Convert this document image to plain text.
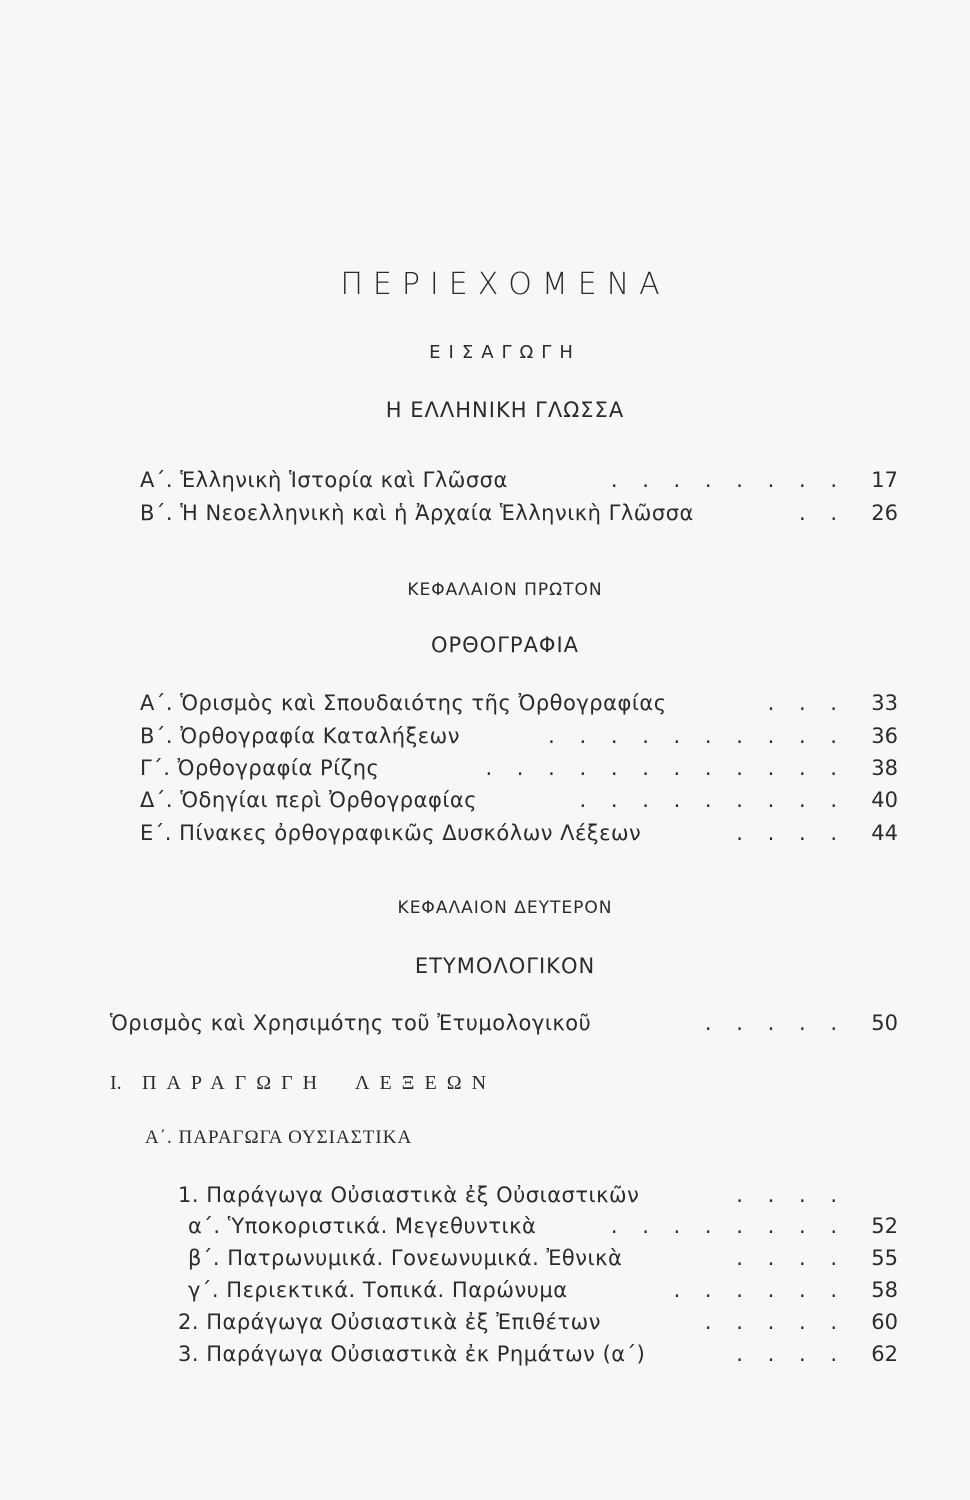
ΠΕΡΙΕΧΟΜΕΝΑ
ΕΙΣΑΓΩΓΗ
Η ΕΛΛΗΝΙΚΗ ΓΛΩΣΣΑ
Α΄. Ἑλληνικὴ Ἱστορία καὶ Γλῶσσα	. . . . . . . .	17
Β΄. Ἡ Νεοελληνικὴ καὶ ἡ Ἀρχαία Ἑλληνικὴ Γλῶσσα	. .	26
ΚΕΦΑΛΑΙΟΝ ΠΡΩΤΟΝ
ΟΡΘΟΓΡΑΦΙΑ
Α΄. Ὁρισμὸς καὶ Σπουδαιότης τῆς Ὀρθογραφίας	. . .	33
Β΄. Ὀρθογραφία Καταλήξεων	. . . . . . . . . .	36
Γ΄. Ὀρθογραφία Ρίζης	. . . . . . . . . . . .	38
Δ΄. Ὁδηγίαι περὶ Ὀρθογραφίας	. . . . . . . . .	40
Ε΄. Πίνακες ὀρθογραφικῶς Δυσκόλων Λέξεων	. . . .	44
ΚΕΦΑΛΑΙΟΝ ΔΕΥΤΕΡΟΝ
ΕΤΥΜΟΛΟΓΙΚΟΝ
Ὁρισμὸς καὶ Χρησιμότης τοῦ Ἐτυμολογικοῦ	. . . . .	50
Ι. ΠΑΡΑΓΩΓΗ ΛΕΞΕΩΝ
Α΄. ΠΑΡΑΓΩΓΑ ΟΥΣΙΑΣΤΙΚΑ
1. Παράγωγα Οὐσιαστικὰ ἐξ Οὐσιαστικῶν	. . . .
α΄. Ὑποκοριστικά. Μεγεθυντικὰ	. . . . . . . .	52
β΄. Πατρωνυμικά. Γονεωνυμικά. Ἐθνικὰ	. . . .	55
γ΄. Περιεκτικά. Τοπικά. Παρώνυμα	. . . . . .	58
2. Παράγωγα Οὐσιαστικὰ ἐξ Ἐπιθέτων	. . . . .	60
3. Παράγωγα Οὐσιαστικὰ ἐκ Ρημάτων (α΄)	. . . .	62
